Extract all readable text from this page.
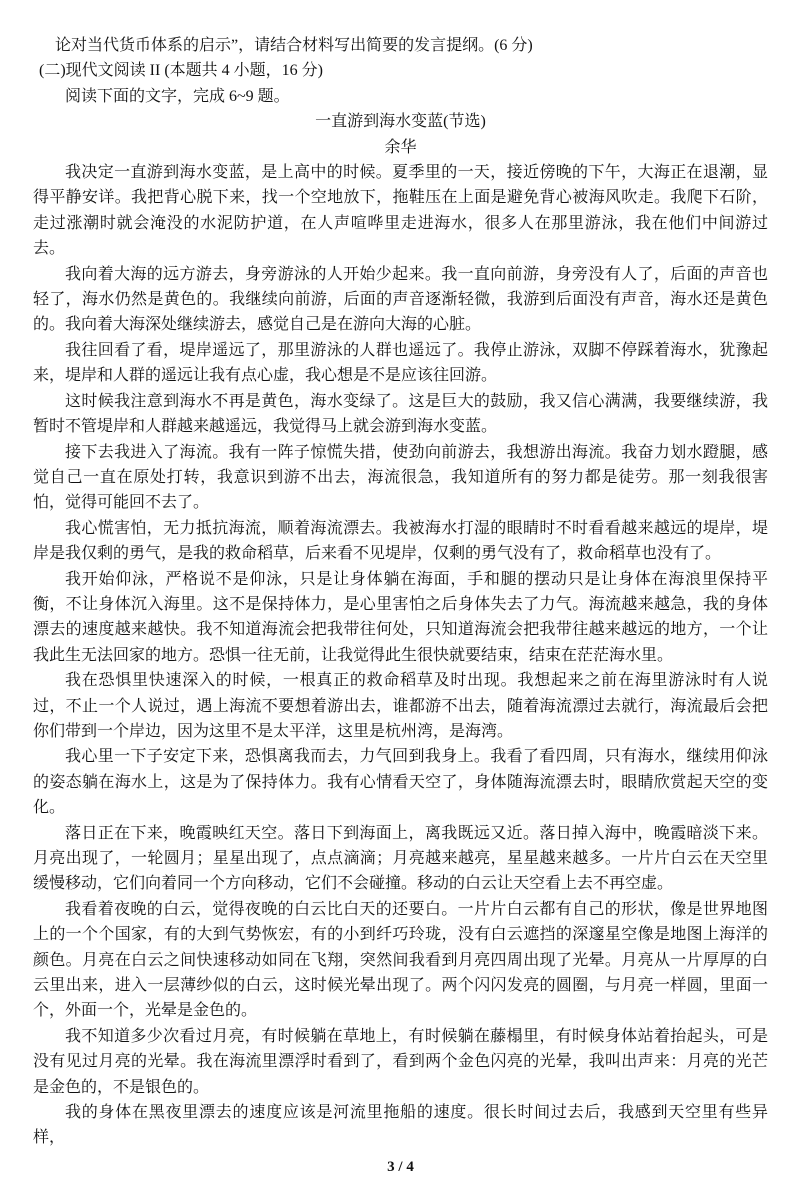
论对当代货币体系的启示”，请结合材料写出简要的发言提纲。(6 分)

(二)现代文阅读 II (本题共 4 小题，16 分)

阅读下面的文字，完成 6~9 题。

一直游到海水变蓝(节选)

余华

我决定一直游到海水变蓝，是上高中的时候。夏季里的一天，接近傍晚的下午，大海正在退潮，显得平静安详。我把背心脱下来，找一个空地放下，拖鞋压在上面是避免背心被海风吹走。我爬下石阶，走过涨潮时就会淹没的水泥防护道，在人声喧哗里走进海水，很多人在那里游泳，我在他们中间游过去。

我向着大海的远方游去，身旁游泳的人开始少起来。我一直向前游，身旁没有人了，后面的声音也轻了，海水仍然是黄色的。我继续向前游，后面的声音逐渐轻微，我游到后面没有声音，海水还是黄色的。我向着大海深处继续游去，感觉自己是在游向大海的心脏。

我往回看了看，堤岸遥远了，那里游泳的人群也遥远了。我停止游泳，双脚不停踩着海水，犹豫起来，堤岸和人群的遥远让我有点心虚，我心想是不是应该往回游。

这时候我注意到海水不再是黄色，海水变绿了。这是巨大的鼓励，我又信心满满，我要继续游，我暂时不管堤岸和人群越来越遥远，我觉得马上就会游到海水变蓝。

接下去我进入了海流。我有一阵子惊慌失措，使劲向前游去，我想游出海流。我奋力划水蹬腿，感觉自己一直在原处打转，我意识到游不出去，海流很急，我知道所有的努力都是徒劳。那一刻我很害怕，觉得可能回不去了。

我心慌害怕，无力抵抗海流，顺着海流漂去。我被海水打湿的眼睛时不时看看越来越远的堤岸，堤岸是我仅剩的勇气，是我的救命稻草，后来看不见堤岸，仅剩的勇气没有了，救命稻草也没有了。

我开始仰泳，严格说不是仰泳，只是让身体躺在海面，手和腿的摆动只是让身体在海浪里保持平衡，不让身体沉入海里。这不是保持体力，是心里害怕之后身体失去了力气。海流越来越急，我的身体漂去的速度越来越快。我不知道海流会把我带往何处，只知道海流会把我带往越来越远的地方，一个让我此生无法回家的地方。恐惧一往无前，让我觉得此生很快就要结束，结束在茫茫海水里。

我在恐惧里快速深入的时候，一根真正的救命稻草及时出现。我想起来之前在海里游泳时有人说过，不止一个人说过，遇上海流不要想着游出去，谁都游不出去，随着海流漂过去就行，海流最后会把你们带到一个岸边，因为这里不是太平洋，这里是杭州湾，是海湾。

我心里一下子安定下来，恐惧离我而去，力气回到我身上。我看了看四周，只有海水，继续用仰泳的姿态躺在海水上，这是为了保持体力。我有心情看天空了，身体随海流漂去时，眼睛欣赏起天空的变化。

落日正在下来，晚霞映红天空。落日下到海面上，离我既远又近。落日掉入海中，晚霞暗淡下来。月亮出现了，一轮圆月；星星出现了，点点滴滴；月亮越来越亮，星星越来越多。一片片白云在天空里缓慢移动，它们向着同一个方向移动，它们不会碰撞。移动的白云让天空看上去不再空虚。

我看着夜晚的白云，觉得夜晚的白云比白天的还要白。一片片白云都有自己的形状，像是世界地图上的一个个国家，有的大到气势恢宏，有的小到纤巧玲珑，没有白云遮挡的深邃星空像是地图上海洋的颜色。月亮在白云之间快速移动如同在飞翔，突然间我看到月亮四周出现了光晕。月亮从一片厚厚的白云里出来，进入一层薄纱似的白云，这时候光晕出现了。两个闪闪发亮的圆圈，与月亮一样圆，里面一个，外面一个，光晕是金色的。

我不知道多少次看过月亮，有时候躺在草地上，有时候躺在藤榻里，有时候身体站着抬起头，可是没有见过月亮的光晕。我在海流里漂浮时看到了，看到两个金色闪亮的光晕，我叫出声来：月亮的光芒是金色的，不是银色的。

我的身体在黑夜里漂去的速度应该是河流里拖船的速度。很长时间过去后，我感到天空里有些异样，

3 / 4
